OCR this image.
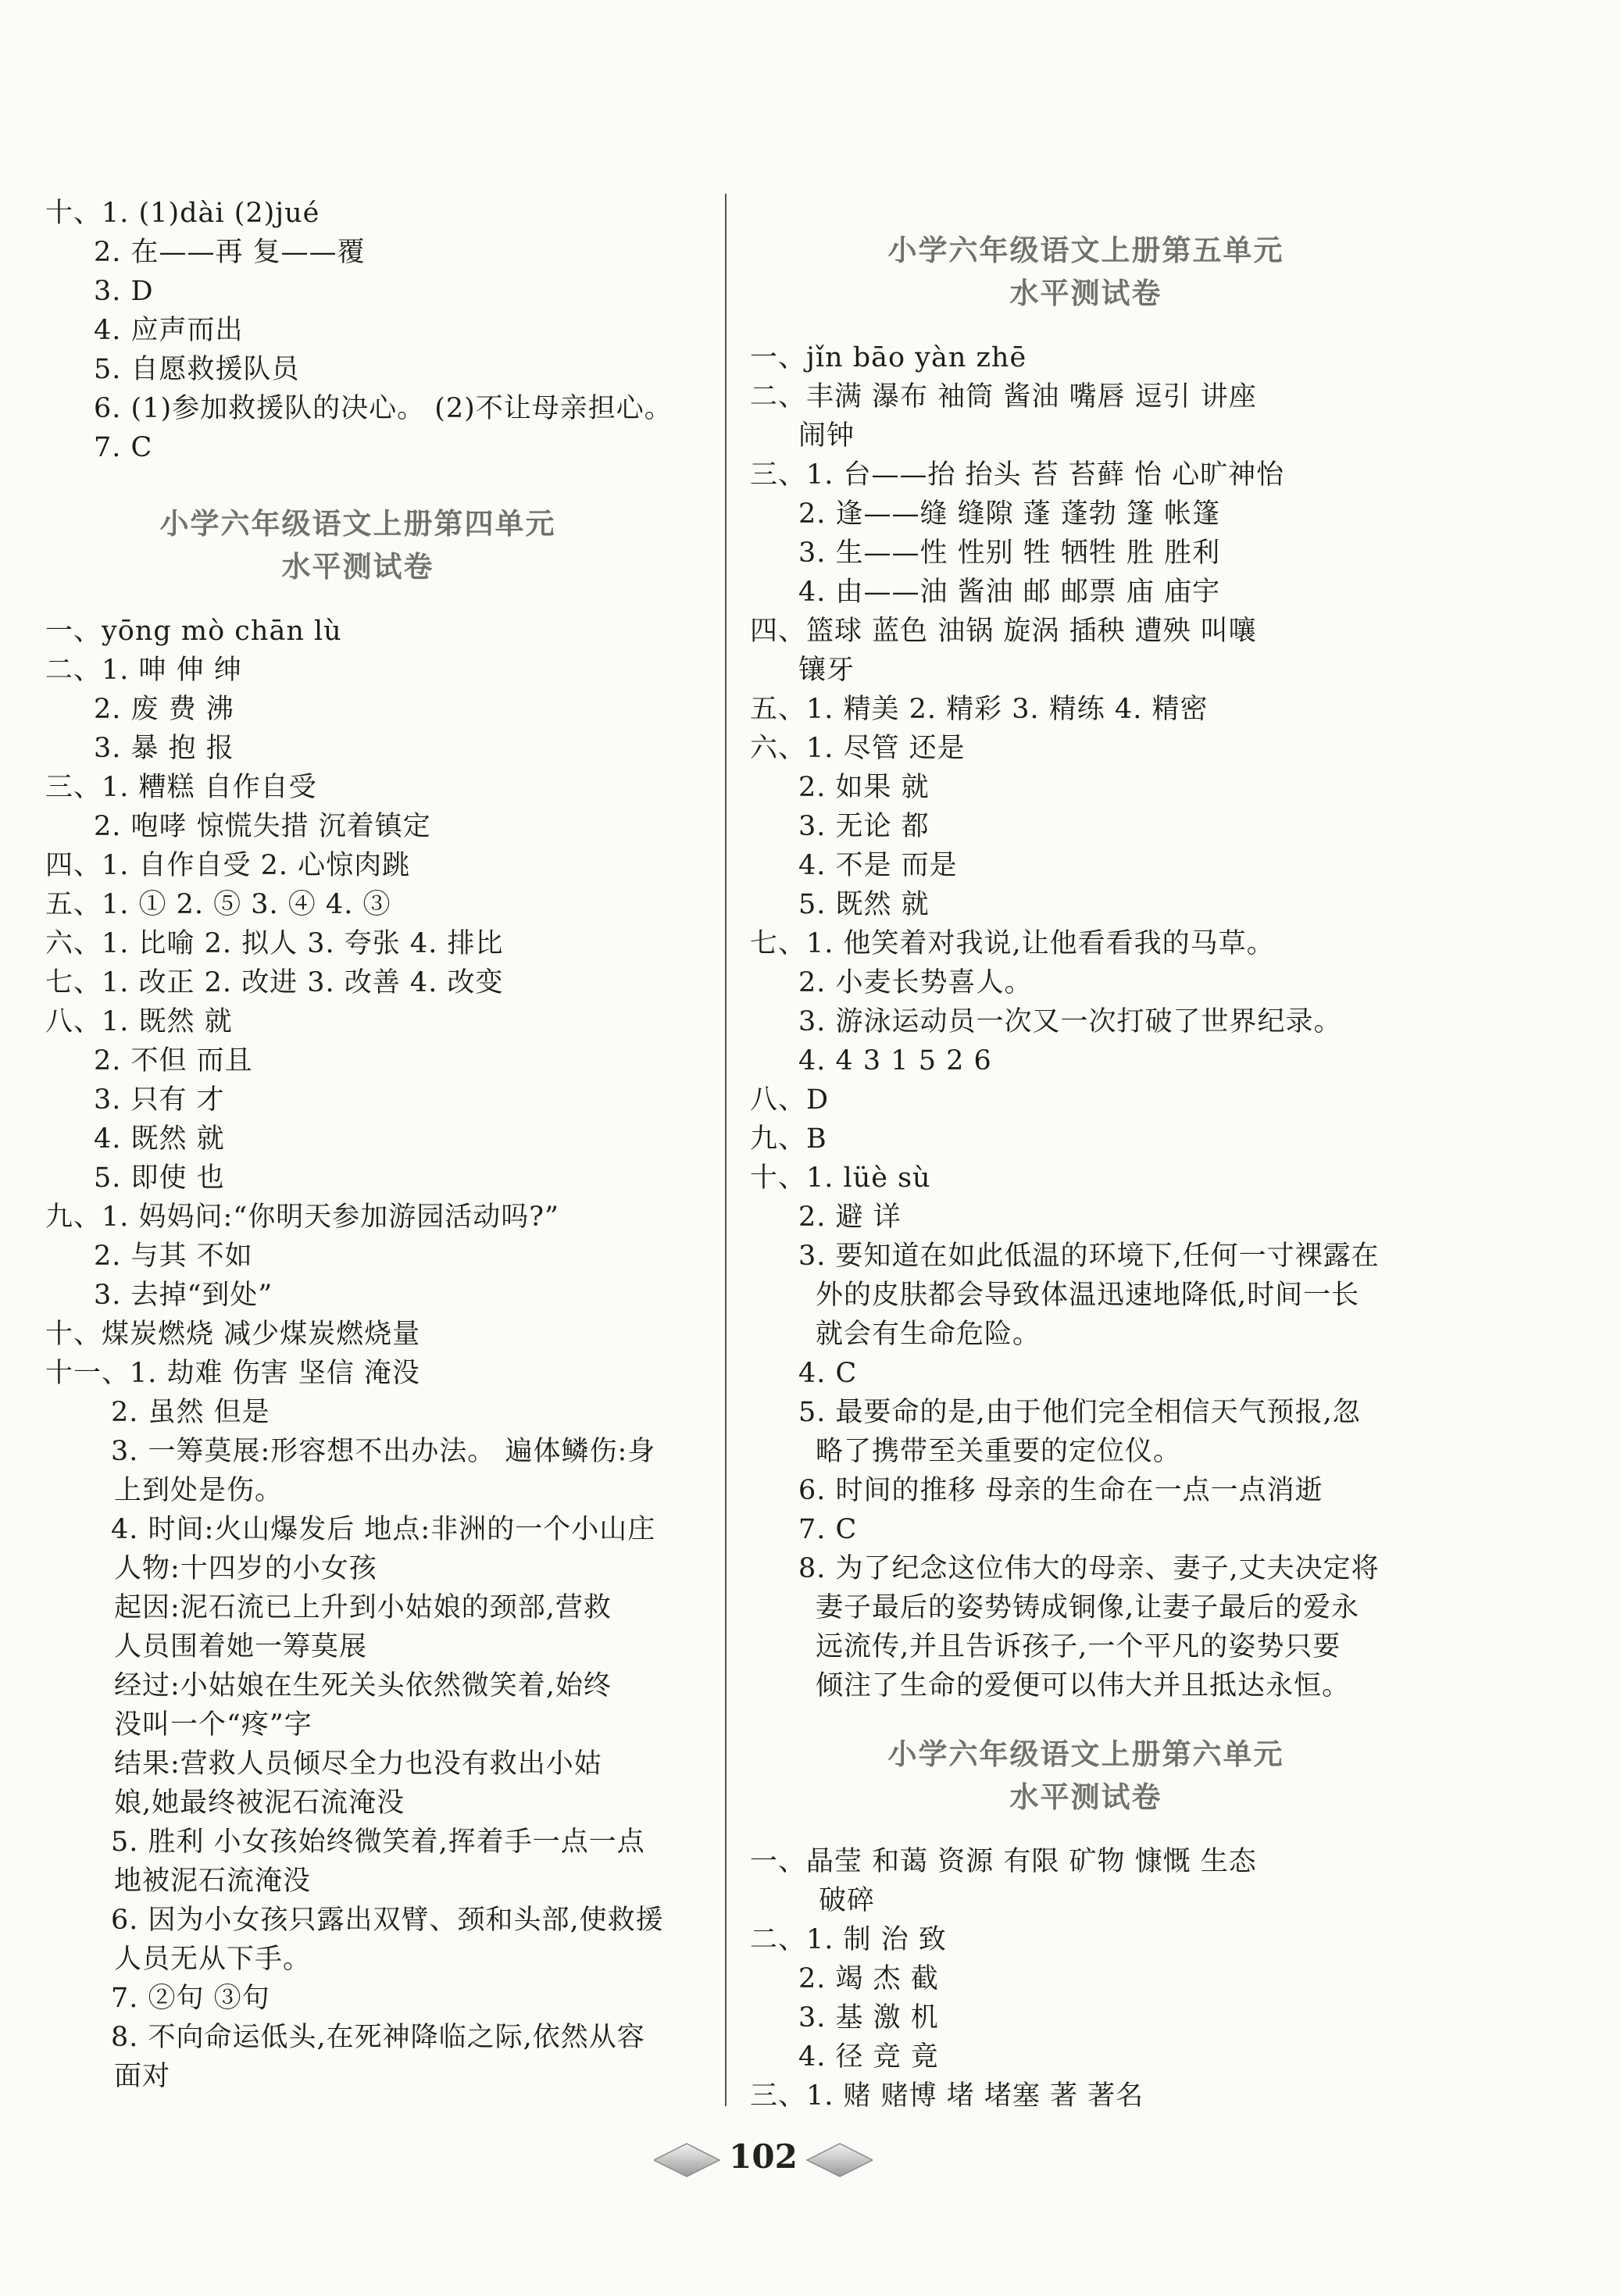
十、1. (1)dài (2)jué
2. 在——再 复——覆
3. D
4. 应声而出
5. 自愿救援队员
6. (1)参加救援队的决心。 (2)不让母亲担心。
7. C
小学六年级语文上册第四单元
水平测试卷
一、yōng mò chān lù
二、1. 呻 伸 绅
2. 废 费 沸
3. 暴 抱 报
三、1. 糟糕 自作自受
2. 咆哮 惊慌失措 沉着镇定
四、1. 自作自受 2. 心惊肉跳
五、1. ① 2. ⑤ 3. ④ 4. ③
六、1. 比喻 2. 拟人 3. 夸张 4. 排比
七、1. 改正 2. 改进 3. 改善 4. 改变
八、1. 既然 就
2. 不但 而且
3. 只有 才
4. 既然 就
5. 即使 也
九、1. 妈妈问:“你明天参加游园活动吗?”
2. 与其 不如
3. 去掉“到处”
十、煤炭燃烧 减少煤炭燃烧量
十一、1. 劫难 伤害 坚信 淹没
2. 虽然 但是
3. 一筹莫展:形容想不出办法。 遍体鳞伤:身
上到处是伤。
4. 时间:火山爆发后 地点:非洲的一个小山庄
人物:十四岁的小女孩
起因:泥石流已上升到小姑娘的颈部,营救
人员围着她一筹莫展
经过:小姑娘在生死关头依然微笑着,始终
没叫一个“疼”字
结果:营救人员倾尽全力也没有救出小姑
娘,她最终被泥石流淹没
5. 胜利 小女孩始终微笑着,挥着手一点一点
地被泥石流淹没
6. 因为小女孩只露出双臂、颈和头部,使救援
人员无从下手。
7. ②句 ③句
8. 不向命运低头,在死神降临之际,依然从容
面对
小学六年级语文上册第五单元
水平测试卷
一、jǐn bāo yàn zhē
二、丰满 瀑布 袖筒 酱油 嘴唇 逗引 讲座
闹钟
三、1. 台——抬 抬头 苔 苔藓 怡 心旷神怡
2. 逢——缝 缝隙 蓬 蓬勃 篷 帐篷
3. 生——性 性别 牲 牺牲 胜 胜利
4. 由——油 酱油 邮 邮票 庙 庙宇
四、篮球 蓝色 油锅 旋涡 插秧 遭殃 叫嚷
镶牙
五、1. 精美 2. 精彩 3. 精练 4. 精密
六、1. 尽管 还是
2. 如果 就
3. 无论 都
4. 不是 而是
5. 既然 就
七、1. 他笑着对我说,让他看看我的马草。
2. 小麦长势喜人。
3. 游泳运动员一次又一次打破了世界纪录。
4. 4 3 1 5 2 6
八、D
九、B
十、1. lüè sù
2. 避 详
3. 要知道在如此低温的环境下,任何一寸裸露在
外的皮肤都会导致体温迅速地降低,时间一长
就会有生命危险。
4. C
5. 最要命的是,由于他们完全相信天气预报,忽
略了携带至关重要的定位仪。
6. 时间的推移 母亲的生命在一点一点消逝
7. C
8. 为了纪念这位伟大的母亲、妻子,丈夫决定将
妻子最后的姿势铸成铜像,让妻子最后的爱永
远流传,并且告诉孩子,一个平凡的姿势只要
倾注了生命的爱便可以伟大并且抵达永恒。
小学六年级语文上册第六单元
水平测试卷
一、晶莹 和蔼 资源 有限 矿物 慷慨 生态
破碎
二、1. 制 治 致
2. 竭 杰 截
3. 基 激 机
4. 径 竞 竟
三、1. 赌 赌博 堵 堵塞 著 著名
102
